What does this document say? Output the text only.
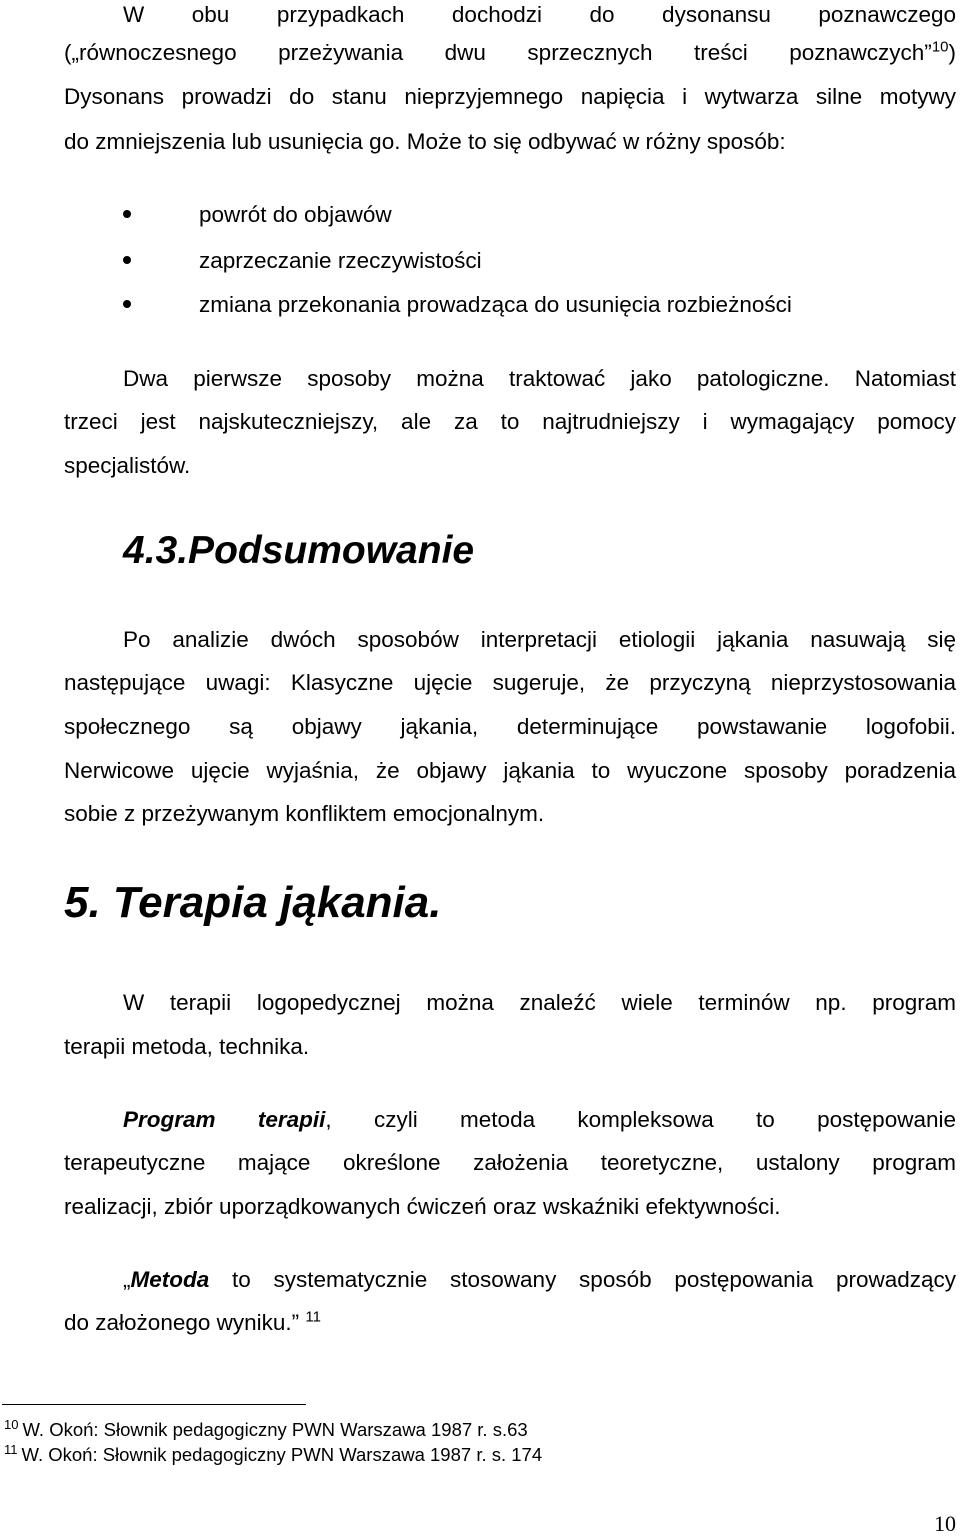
W obu przypadkach dochodzi do dysonansu poznawczego
(„równoczesnego przeżywania dwu sprzecznych treści poznawczych”$^{10}$)
Dysonans prowadzi do stanu nieprzyjemnego napięcia i wytwarza silne motywy
do zmniejszenia lub usunięcia go. Może to się odbywać w różny sposób:
powrót do objawów
zaprzeczanie rzeczywistości
zmiana przekonania prowadząca do usunięcia rozbieżności
Dwa pierwsze sposoby można traktować jako patologiczne. Natomiast
trzeci jest najskuteczniejszy, ale za to najtrudniejszy i wymagający pomocy
specjalistów.
4.3.Podsumowanie
Po analizie dwóch sposobów interpretacji etiologii jąkania nasuwają się
następujące uwagi: Klasyczne ujęcie sugeruje, że przyczyną nieprzystosowania
społecznego są objawy jąkania, determinujące powstawanie logofobii.
Nerwicowe ujęcie wyjaśnia, że objawy jąkania to wyuczone sposoby poradzenia
sobie z przeżywanym konfliktem emocjonalnym.
5. Terapia jąkania.
W terapii logopedycznej można znaleźć wiele terminów np. program
terapii metoda, technika.
Program terapii, czyli metoda kompleksowa to postępowanie
terapeutyczne mające określone założenia teoretyczne, ustalony program
realizacji, zbiór uporządkowanych ćwiczeń oraz wskaźniki efektywności.
„Metoda to systematycznie stosowany sposób postępowania prowadzący
do założonego wyniku.” $^{11}$
$^{10}$ W. Okoń: Słownik pedagogiczny PWN Warszawa 1987 r. s.63
$^{11}$ W. Okoń: Słownik pedagogiczny PWN Warszawa 1987 r. s. 174
10
